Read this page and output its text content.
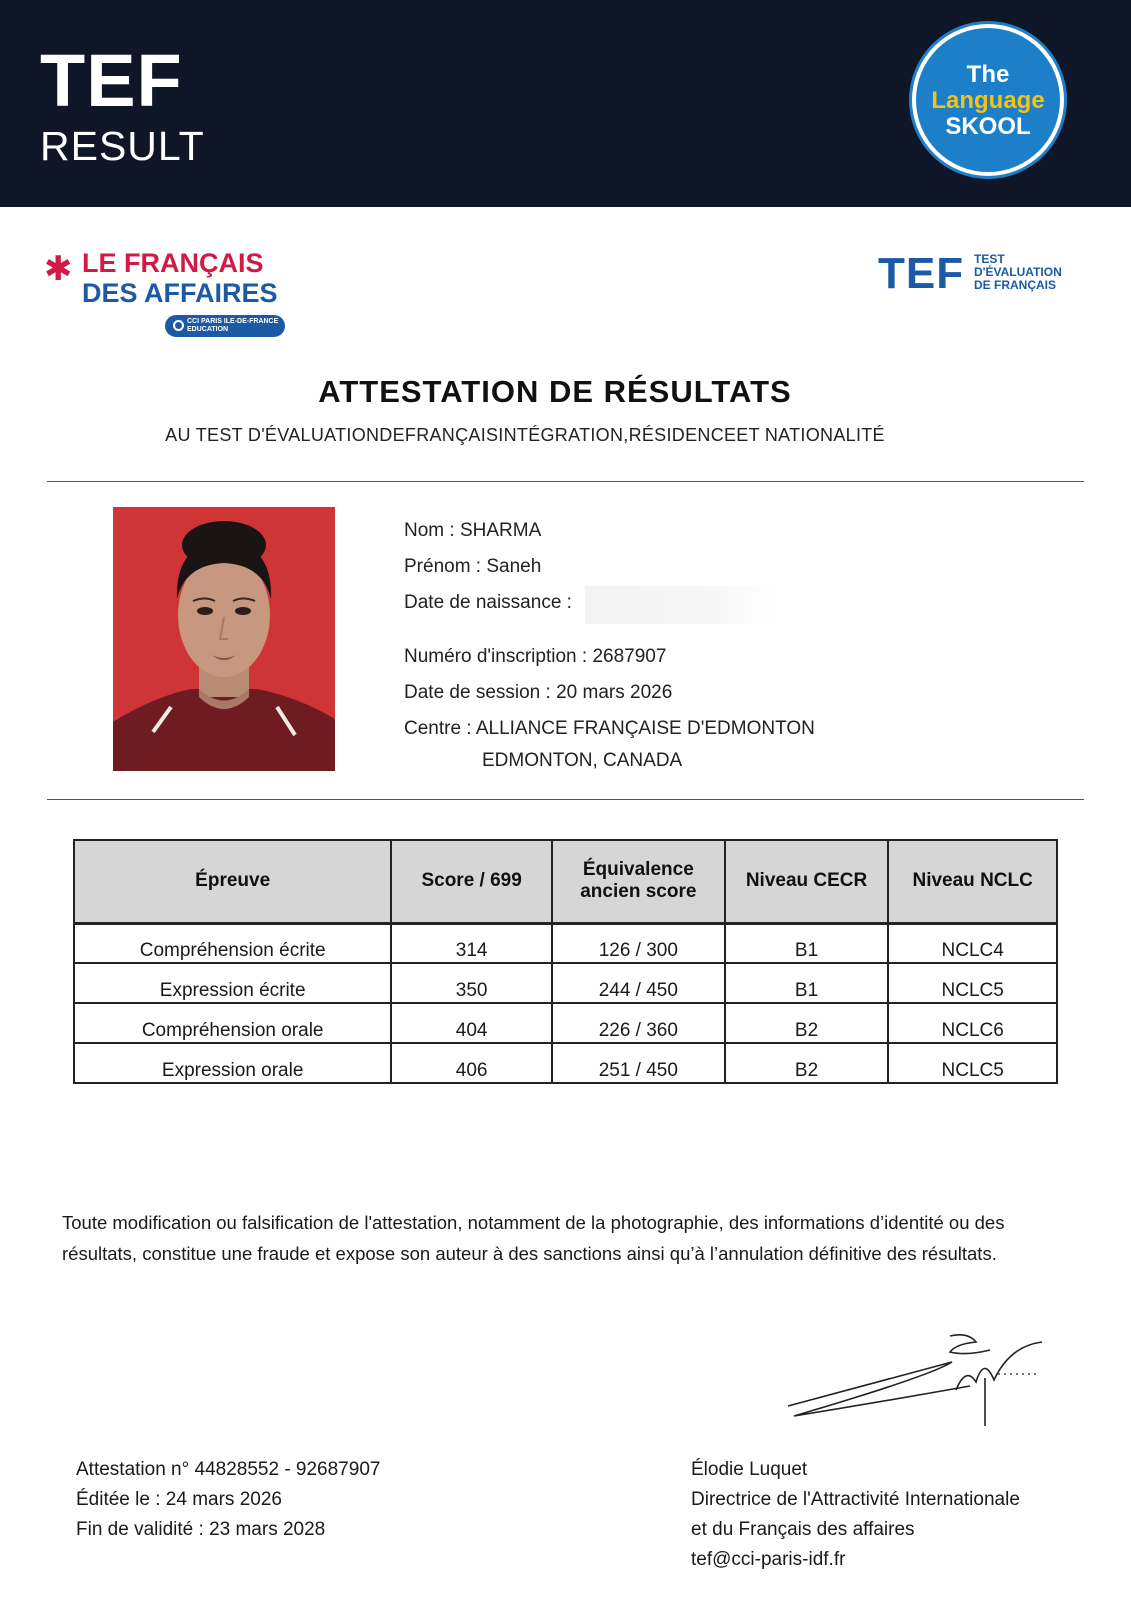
TEF
RESULT
The
Language
SKOOL
✱ LE FRANÇAIS
DES AFFAIRES
CCI PARIS ILE-DE-FRANCE EDUCATION
TEF TEST
D'ÉVALUATION
DE FRANÇAIS
ATTESTATION DE RÉSULTATS
AU TEST D'ÉVALUATIONDEFRANÇAISINTÉGRATION,RÉSIDENCEET NATIONALITÉ
Nom : SHARMA
Prénom : Saneh
Date de naissance :
Numéro d'inscription : 2687907
Date de session : 20 mars 2026
Centre : ALLIANCE FRANÇAISE D'EDMONTON
EDMONTON, CANADA
Épreuve	Score / 699	Équivalence ancien score	Niveau CECR	Niveau NCLC
Compréhension écrite	314	126 / 300	B1	NCLC4
Expression écrite	350	244 / 450	B1	NCLC5
Compréhension orale	404	226 / 360	B2	NCLC6
Expression orale	406	251 / 450	B2	NCLC5
Toute modification ou falsification de l'attestation, notamment de la photographie, des informations d’identité ou des résultats, constitue une fraude et expose son auteur à des sanctions ainsi qu’à l’annulation définitive des résultats.
Attestation n° 44828552 - 92687907
Éditée le : 24 mars 2026
Fin de validité : 23 mars 2028
Élodie Luquet
Directrice de l'Attractivité Internationale
et du Français des affaires
tef@cci-paris-idf.fr
